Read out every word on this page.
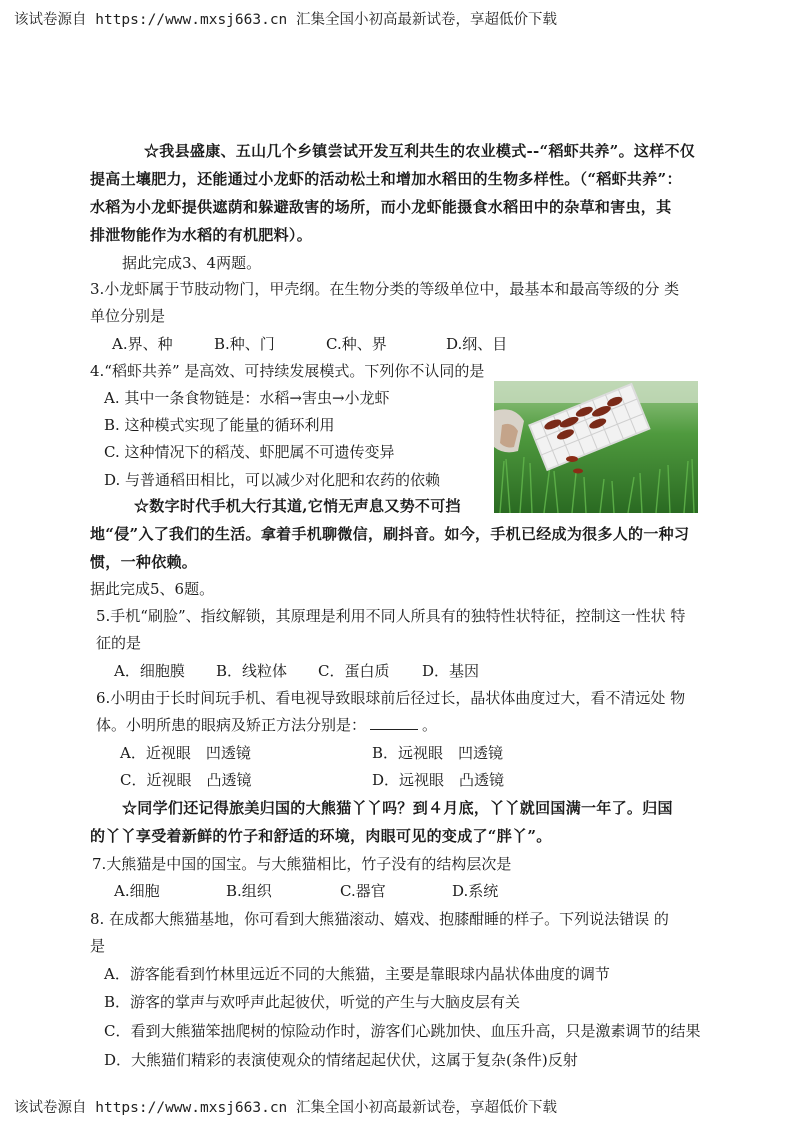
该试卷源自 https://www.mxsj663.cn 汇集全国小初高最新试卷，享超低价下载
☆我县盛康、五山几个乡镇尝试开发互利共生的农业模式--“稻虾共养”。这样不仅
提高土壤肥力，还能通过小龙虾的活动松土和增加水稻田的生物多样性。（“稻虾共养”：
水稻为小龙虾提供遮荫和躲避敌害的场所，而小龙虾能摄食水稻田中的杂草和害虫，其
排泄物能作为水稻的有机肥料）。
据此完成3、4两题。
3.小龙虾属于节肢动物门，甲壳纲。在生物分类的等级单位中，最基本和最高等级的分 类
单位分别是
A.界、种	B.种、门	C.种、界	D.纲、目
4.“稻虾共养” 是高效、可持续发展模式。下列你不认同的是
A. 其中一条食物链是：水稻→害虫→小龙虾
B. 这种模式实现了能量的循环利用
C. 这种情况下的稻茂、虾肥属不可遗传变异
D. 与普通稻田相比，可以减少对化肥和农药的依赖
☆数字时代手机大行其道,它悄无声息又势不可挡
地“侵”入了我们的生活。拿着手机聊微信，刷抖音。如今，手机已经成为很多人的一种习
惯，一种依赖。
据此完成5、6题。
5.手机“刷脸”、指纹解锁，其原理是利用不同人所具有的独特性状特征，控制这一性状 特
征的是
A．细胞膜 B．线粒体 C．蛋白质 D．基因
6.小明由于长时间玩手机、看电视导致眼球前后径过长，晶状体曲度过大，看不清远处 物
体。小明所患的眼病及矫正方法分别是：	。
A．近视眼　凹透镜	B．远视眼　凹透镜
C．近视眼　凸透镜	D．远视眼　凸透镜
☆同学们还记得旅美归国的大熊猫丫丫吗？到４月底，丫丫就回国满一年了。归国
的丫丫享受着新鲜的竹子和舒适的环境，肉眼可见的变成了“胖丫”。
7.大熊猫是中国的国宝。与大熊猫相比，竹子没有的结构层次是
A.细胞	B.组织	C.器官	D.系统
8. 在成都大熊猫基地，你可看到大熊猫滚动、嬉戏、抱膝酣睡的样子。下列说法错误 的
是
A．游客能看到竹林里远近不同的大熊猫，主要是靠眼球内晶状体曲度的调节
B．游客的掌声与欢呼声此起彼伏，听觉的产生与大脑皮层有关
C．看到大熊猫笨拙爬树的惊险动作时，游客们心跳加快、血压升高，只是激素调节的结果
D．大熊猫们精彩的表演使观众的情绪起起伏伏，这属于复杂(条件)反射
该试卷源自 https://www.mxsj663.cn 汇集全国小初高最新试卷，享超低价下载
